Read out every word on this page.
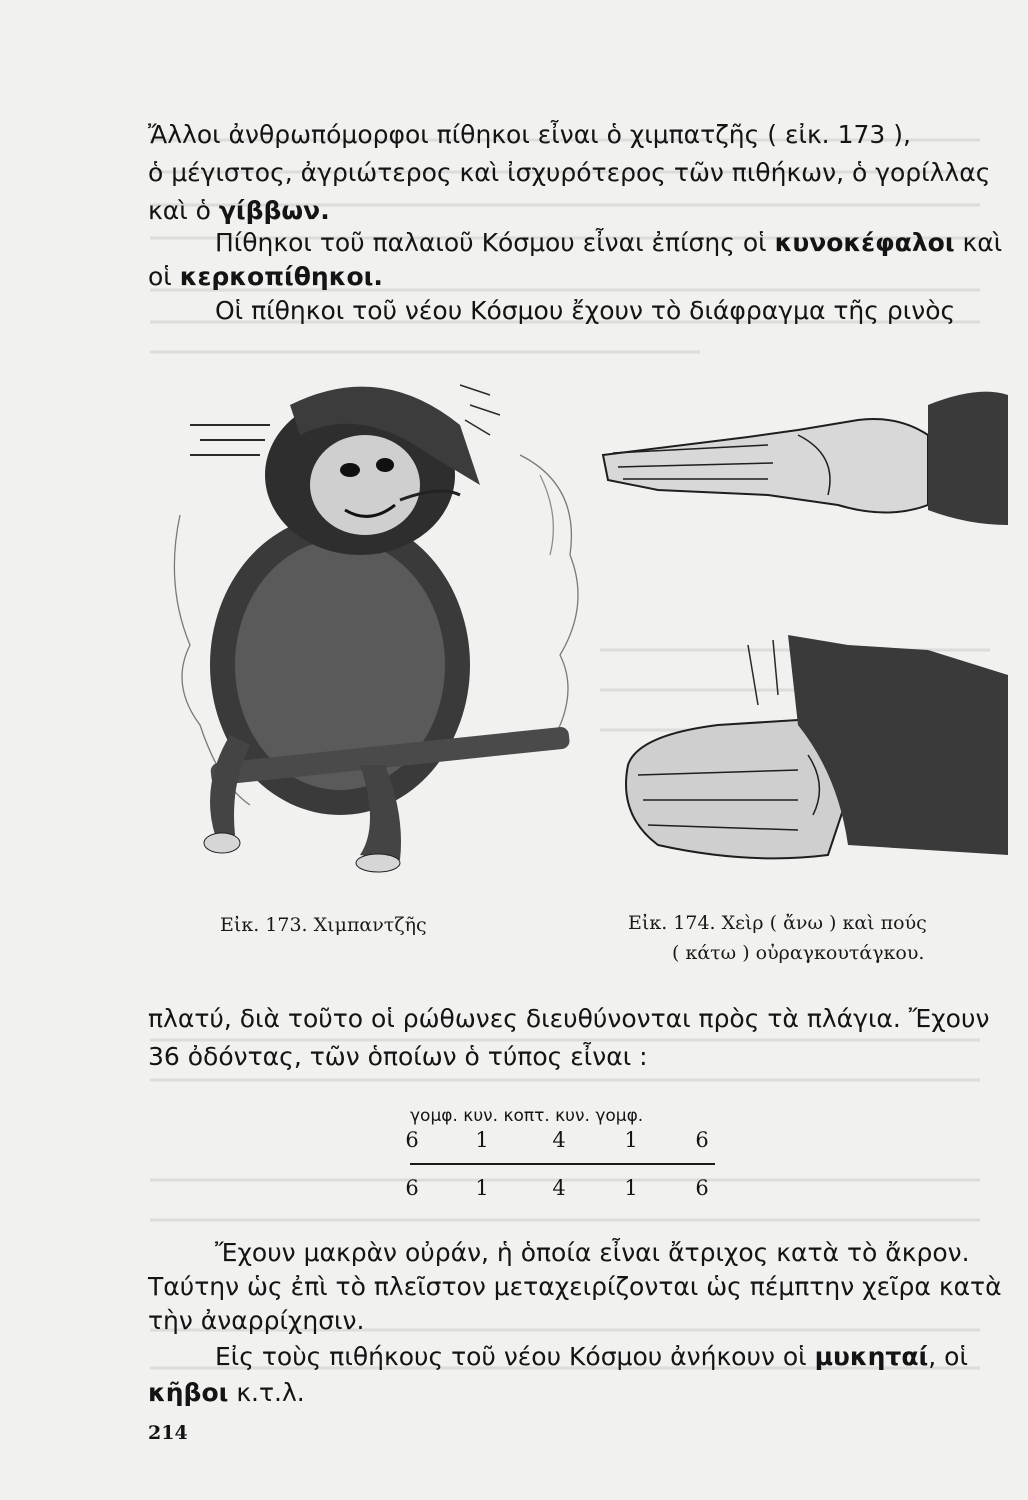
Ἄλλοι ἀνθρωπόμορφοι πίθηκοι εἶναι ὁ χιμπατζῆς ( εἰκ. 173 ),
ὁ μέγιστος, ἀγριώτερος καὶ ἰσχυρότερος τῶν πιθήκων, ὁ γορίλλας
καὶ ὁ γίββων.
Πίθηκοι τοῦ παλαιοῦ Κόσμου εἶναι ἐπίσης οἱ κυνοκέφαλοι καὶ
οἱ κερκοπίθηκοι.
Οἱ πίθηκοι τοῦ νέου Κόσμου ἔχουν τὸ διάφραγμα τῆς ρινὸς
Εἰκ. 173. Χιμπαντζῆς	Εἰκ. 174. Χεὶρ ( ἄνω ) καὶ πούς
( κάτω ) οὐραγκουτάγκου.
πλατύ, διὰ τοῦτο οἱ ρώθωνες διευθύνονται πρὸς τὰ πλάγια. Ἔχουν
36 ὀδόντας, τῶν ὁποίων ὁ τύπος εἶναι :
γομφ. κυν. κοπτ. κυν. γομφ.
6	1	4	1	6
6	1	4	1	6
Ἔχουν μακρὰν οὐράν, ἡ ὁποία εἶναι ἄτριχος κατὰ τὸ ἄκρον.
Ταύτην ὡς ἐπὶ τὸ πλεῖστον μεταχειρίζονται ὡς πέμπτην χεῖρα κατὰ
τὴν ἀναρρίχησιν.
Εἰς τοὺς πιθήκους τοῦ νέου Κόσμου ἀνήκουν οἱ μυκηταί, οἱ
κῆβοι κ.τ.λ.
214
